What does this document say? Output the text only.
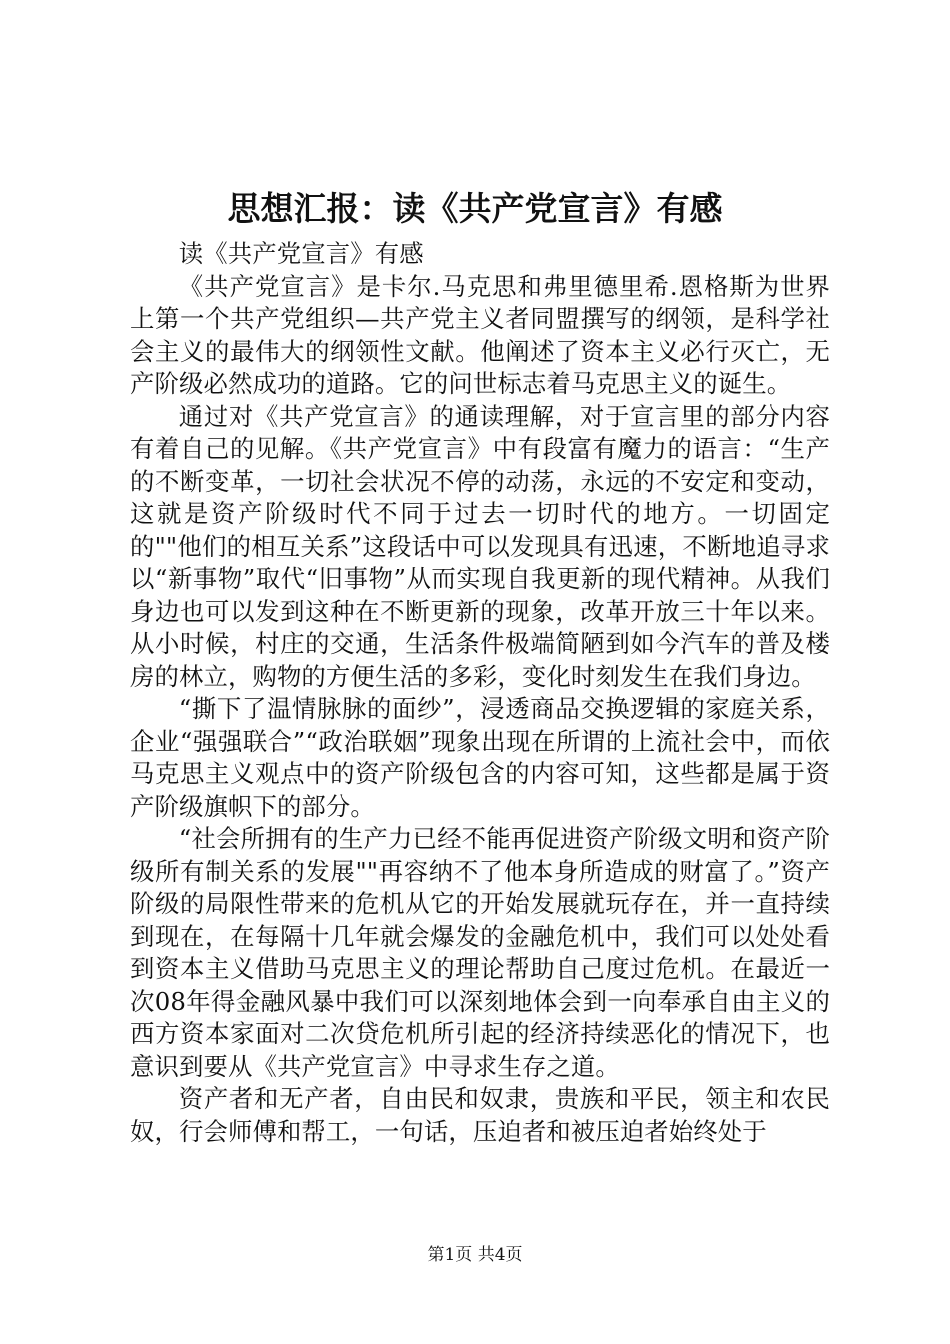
思想汇报：读《共产党宣言》有感

读《共产党宣言》有感

《共产党宣言》是卡尔.马克思和弗里德里希.恩格斯为世界上第一个共产党组织—共产党主义者同盟撰写的纲领，是科学社会主义的最伟大的纲领性文献。他阐述了资本主义必行灭亡，无产阶级必然成功的道路。它的问世标志着马克思主义的诞生。

通过对《共产党宣言》的通读理解，对于宣言里的部分内容有着自己的见解。《共产党宣言》中有段富有魔力的语言：“生产的不断变革，一切社会状况不停的动荡，永远的不安定和变动，这就是资产阶级时代不同于过去一切时代的地方。一切固定的""他们的相互关系”这段话中可以发现具有迅速，不断地追寻求以“新事物”取代“旧事物”从而实现自我更新的现代精神。从我们身边也可以发到这种在不断更新的现象，改革开放三十年以来。从小时候，村庄的交通，生活条件极端简陋到如今汽车的普及楼房的林立，购物的方便生活的多彩，变化时刻发生在我们身边。

“撕下了温情脉脉的面纱”，浸透商品交换逻辑的家庭关系，企业“强强联合”“政治联姻”现象出现在所谓的上流社会中，而依马克思主义观点中的资产阶级包含的内容可知，这些都是属于资产阶级旗帜下的部分。

“社会所拥有的生产力已经不能再促进资产阶级文明和资产阶级所有制关系的发展""再容纳不了他本身所造成的财富了。”资产阶级的局限性带来的危机从它的开始发展就玩存在，并一直持续到现在，在每隔十几年就会爆发的金融危机中，我们可以处处看到资本主义借助马克思主义的理论帮助自己度过危机。在最近一次08年得金融风暴中我们可以深刻地体会到一向奉承自由主义的西方资本家面对二次贷危机所引起的经济持续恶化的情况下，也意识到要从《共产党宣言》中寻求生存之道。

资产者和无产者，自由民和奴隶，贵族和平民，领主和农民奴，行会师傅和帮工，一句话，压迫者和被压迫者始终处于

第1页 共4页
